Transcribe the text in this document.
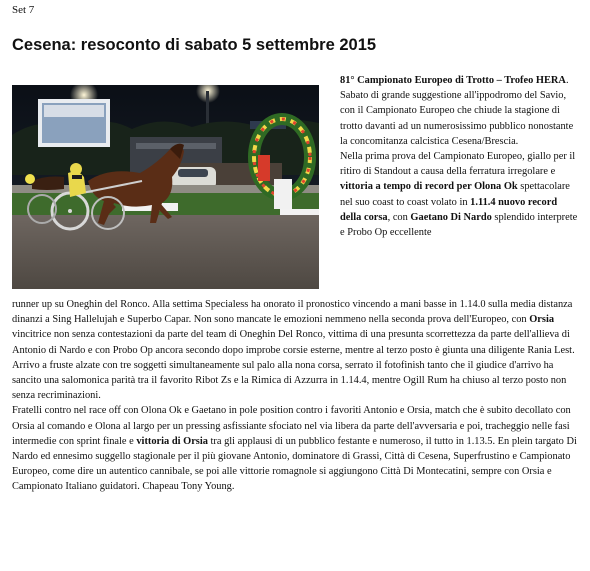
Set 7
Cesena: resoconto di sabato 5 settembre 2015

81° Campionato Europeo di Trotto – Trofeo HERA. Sabato di grande suggestione all'ippodromo del Savio, con il Campionato Europeo che chiude la stagione di trotto davanti ad un numerosissimo pubblico nonostante la concomitanza calcistica Cesena/Brescia.

Nella prima prova del Campionato Europeo, giallo per il ritiro di Standout a causa della ferratura irregolare e vittoria a tempo di record per Olona Ok spettacolare nel suo coast to coast volato in 1.11.4 nuovo record della corsa, con Gaetano Di Nardo splendido interprete e Probo Op eccellente

runner up su Oneghin del Ronco. Alla settima Specialess ha onorato il pronostico vincendo a mani basse in 1.14.0 sulla media distanza dinanzi a Sing Hallelujah e Superbo Capar. Non sono mancate le emozioni nemmeno nella seconda prova dell'Europeo, con Orsia vincitrice non senza contestazioni da parte del team di Oneghin Del Ronco, vittima di una presunta scorrettezza da parte dell'allieva di Antonio di Nardo e con Probo Op ancora secondo dopo improbe corsie esterne, mentre al terzo posto è giunta una diligente Rania Lest. Arrivo a fruste alzate con tre soggetti simultaneamente sul palo alla nona corsa, serrato il fotofinish tanto che il giudice d'arrivo ha sancito una salomonica parità tra il favorito Ribot Zs e la Rimica di Azzurra in 1.14.4, mentre Ogill Rum ha chiuso al terzo posto non senza recriminazioni.

Fratelli contro nel race off con Olona Ok e Gaetano in pole position contro i favoriti Antonio e Orsia, match che è subito decollato con Orsia al comando e Olona al largo per un pressing asfissiante sfociato nel via libera da parte dell'avversaria e poi, tracheggio nelle fasi intermedie con sprint finale e vittoria di Orsia tra gli applausi di un pubblico festante e numeroso, il tutto in 1.13.5. En plein targato Di Nardo ed ennesimo suggello stagionale per il più giovane Antonio, dominatore di Grassi, Città di Cesena, Superfrustino e Campionato Europeo, come dire un autentico cannibale, se poi alle vittorie romagnole si aggiungono Città Di Montecatini, sempre con Orsia e Campionato Italiano guidatori. Chapeau Tony Young.
